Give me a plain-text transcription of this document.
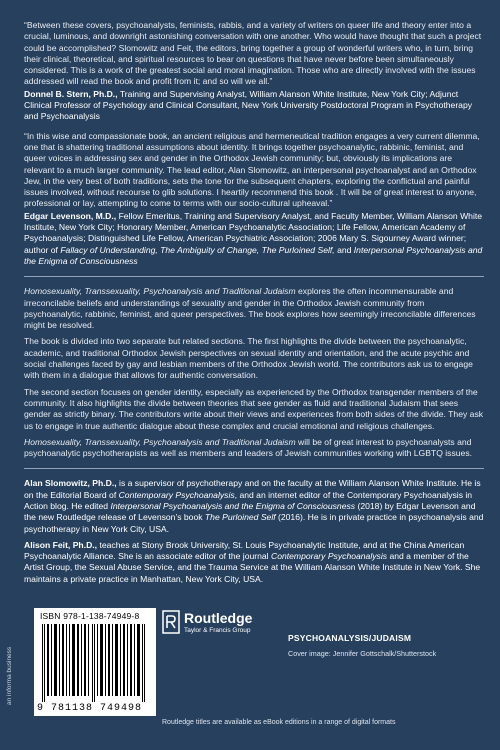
“Between these covers, psychoanalysts, feminists, rabbis, and a variety of writers on queer life and theory enter into a crucial, luminous, and downright astonishing conversation with one another. Who would have thought that such a project could be accomplished? Slomowitz and Feit, the editors, bring together a group of wonderful writers who, in turn, bring their clinical, theoretical, and spiritual resources to bear on questions that have never before been simultaneously considered. This is a work of the greatest social and moral imagination. Those who are directly involved with the issues addressed will read the book and profit from it; and so will we all.”

Donnel B. Stern, Ph.D., Training and Supervising Analyst, William Alanson White Institute, New York City; Adjunct Clinical Professor of Psychology and Clinical Consultant, New York University Postdoctoral Program in Psychotherapy and Psychoanalysis

“In this wise and compassionate book, an ancient religious and hermeneutical tradition engages a very current dilemma, one that is shattering traditional assumptions about identity. It brings together psychoanalytic, rabbinic, feminist, and queer voices in addressing sex and gender in the Orthodox Jewish community; but, obviously its implications are relevant to a much larger community. The lead editor, Alan Slomowitz, an interpersonal psychoanalyst and an Orthodox Jew, in the very best of both traditions, sets the tone for the subsequent chapters, exploring the conflictual and painful issues involved, without recourse to glib solutions. I heartily recommend this book . It will be of great interest to anyone, professional or lay, attempting to come to terms with our socio-cultural upheaval.”

Edgar Levenson, M.D., Fellow Emeritus, Training and Supervisory Analyst, and Faculty Member, William Alanson White Institute, New York City; Honorary Member, American Psychoanalytic Association; Life Fellow, American Academy of Psychoanalysis; Distinguished Life Fellow, American Psychiatric Association; 2006 Mary S. Sigourney Award winner; author of Fallacy of Understanding, The Ambiguity of Change, The Purloined Self, and Interpersonal Psychoanalysis and the Enigma of Consciousness

Homosexuality, Transsexuality, Psychoanalysis and Traditional Judaism explores the often incommensurable and irreconcilable beliefs and understandings of sexuality and gender in the Orthodox Jewish community from psychoanalytic, rabbinic, feminist, and queer perspectives. The book explores how seemingly irreconcilable differences might be resolved.

The book is divided into two separate but related sections. The first highlights the divide between the psychoanalytic, academic, and traditional Orthodox Jewish perspectives on sexual identity and orientation, and the acute psychic and social challenges faced by gay and lesbian members of the Orthodox Jewish world. The contributors ask us to engage with them in a dialogue that allows for authentic conversation.

The second section focuses on gender identity, especially as experienced by the Orthodox transgender members of the community. It also highlights the divide between theories that see gender as fluid and traditional Judaism that sees gender as strictly binary. The contributors write about their views and experiences from both sides of the divide. They ask us to engage in true authentic dialogue about these complex and crucial emotional and religious challenges.

Homosexuality, Transsexuality, Psychoanalysis and Traditional Judaism will be of great interest to psychoanalysts and psychoanalytic psychotherapists as well as members and leaders of Jewish communities working with LGBTQ issues.

Alan Slomowitz, Ph.D., is a supervisor of psychotherapy and on the faculty at the William Alanson White Institute. He is on the Editorial Board of Contemporary Psychoanalysis, and an internet editor of the Contemporary Psychoanalysis in Action blog. He edited Interpersonal Psychoanalysis and the Enigma of Consciousness (2018) by Edgar Levenson and the new Routledge release of Levenson’s book The Purloined Self (2016). He is in private practice in psychoanalysis and psychotherapy in New York City, USA.

Alison Feit, Ph.D., teaches at Stony Brook University, St. Louis Psychoanalytic Institute, and at the China American Psychoanalytic Alliance. She is an associate editor of the journal Contemporary Psychoanalysis and a member of the Artist Group, the Sexual Abuse Service, and the Trauma Service at the William Alanson White Institute in New York. She maintains a private practice in Manhattan, New York City, USA.

an informa business
ISBN 978-1-138-74949-8
9 781138 749498
Routledge
Taylor & Francis Group
PSYCHOANALYSIS/JUDAISM
Cover image: Jennifer Gottschalk/Shutterstock
Routledge titles are available as eBook editions in a range of digital formats
